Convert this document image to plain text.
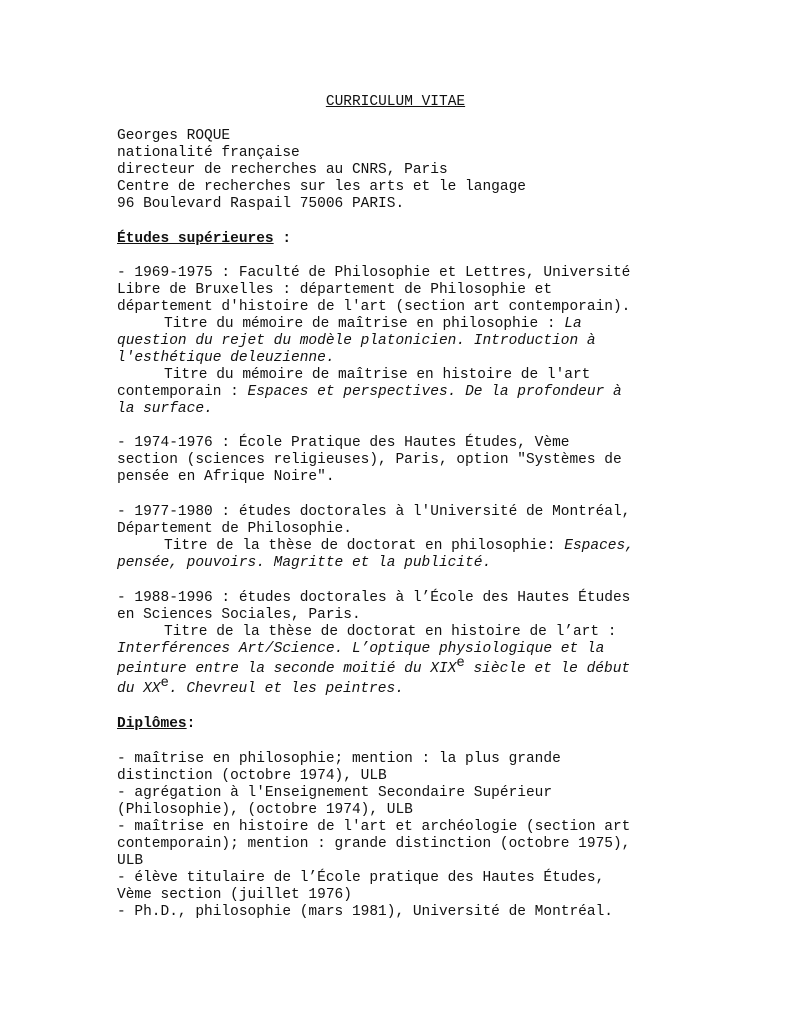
CURRICULUM VITAE
Georges ROQUE
nationalité française
directeur de recherches au CNRS, Paris
Centre de recherches sur les arts et le langage
96 Boulevard Raspail 75006 PARIS.
Études supérieures :
- 1969-1975 : Faculté de Philosophie et Lettres, Université
Libre de Bruxelles : département de Philosophie et
département d'histoire de l'art (section art contemporain).
Titre du mémoire de maîtrise en philosophie : La
question du rejet du modèle platonicien. Introduction à
l'esthétique deleuzienne.
Titre du mémoire de maîtrise en histoire de l'art
contemporain : Espaces et perspectives. De la profondeur à
la surface.
- 1974-1976 : École Pratique des Hautes Études, Vème
section (sciences religieuses), Paris, option "Systèmes de
pensée en Afrique Noire".
- 1977-1980 : études doctorales à l'Université de Montréal,
Département de Philosophie.
Titre de la thèse de doctorat en philosophie: Espaces,
pensée, pouvoirs. Magritte et la publicité.
- 1988-1996 : études doctorales à l’École des Hautes Études
en Sciences Sociales, Paris.
Titre de la thèse de doctorat en histoire de l’art :
Interférences Art/Science. L’optique physiologique et la
peinture entre la seconde moitié du XIXe siècle et le début
du XXe. Chevreul et les peintres.
Diplômes:
- maîtrise en philosophie; mention : la plus grande
distinction (octobre 1974), ULB
- agrégation à l'Enseignement Secondaire Supérieur
(Philosophie), (octobre 1974), ULB
- maîtrise en histoire de l'art et archéologie (section art
contemporain); mention : grande distinction (octobre 1975),
ULB
- élève titulaire de l’École pratique des Hautes Études,
Vème section (juillet 1976)
- Ph.D., philosophie (mars 1981), Université de Montréal.
